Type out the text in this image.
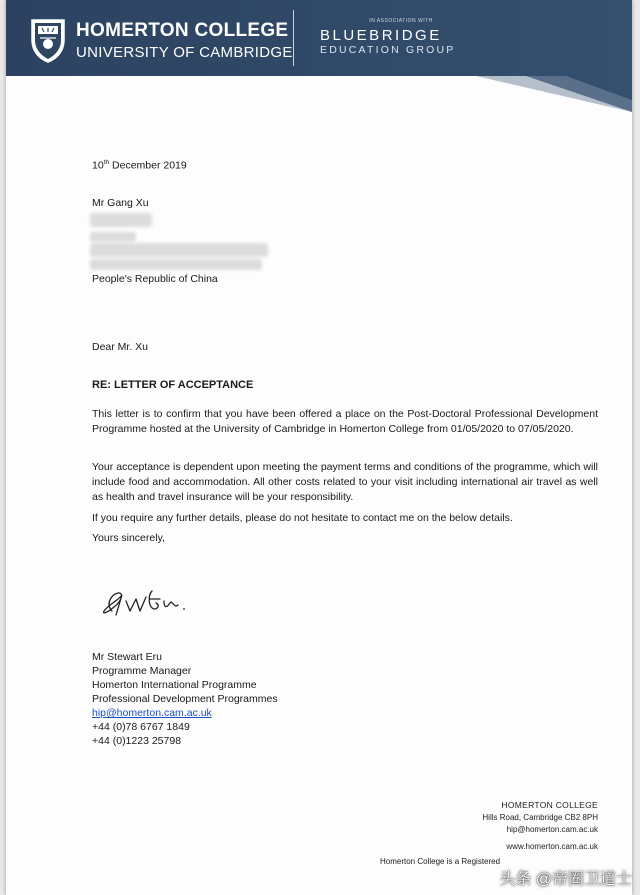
HOMERTON COLLEGE
UNIVERSITY OF CAMBRIDGE
IN ASSOCIATION WITH
BLUEBRIDGE
EDUCATION GROUP
10th December 2019
Mr Gang Xu
People's Republic of China
Dear Mr. Xu
RE: LETTER OF ACCEPTANCE
This letter is to confirm that you have been offered a place on the Post-Doctoral Professional Development Programme hosted at the University of Cambridge in Homerton College from 01/05/2020 to 07/05/2020.
Your acceptance is dependent upon meeting the payment terms and conditions of the programme, which will include food and accommodation. All other costs related to your visit including international air travel as well as health and travel insurance will be your responsibility.
If you require any further details, please do not hesitate to contact me on the below details.
Yours sincerely,
Mr Stewart Eru
Programme Manager
Homerton International Programme
Professional Development Programmes
hip@homerton.cam.ac.uk
+44 (0)78 6767 1849
+44 (0)1223 25798
HOMERTON COLLEGE
Hills Road, Cambridge CB2 8PH
hip@homerton.cam.ac.uk
www.homerton.cam.ac.uk
Homerton College is a Registered
头条 @帝圈卫道士
